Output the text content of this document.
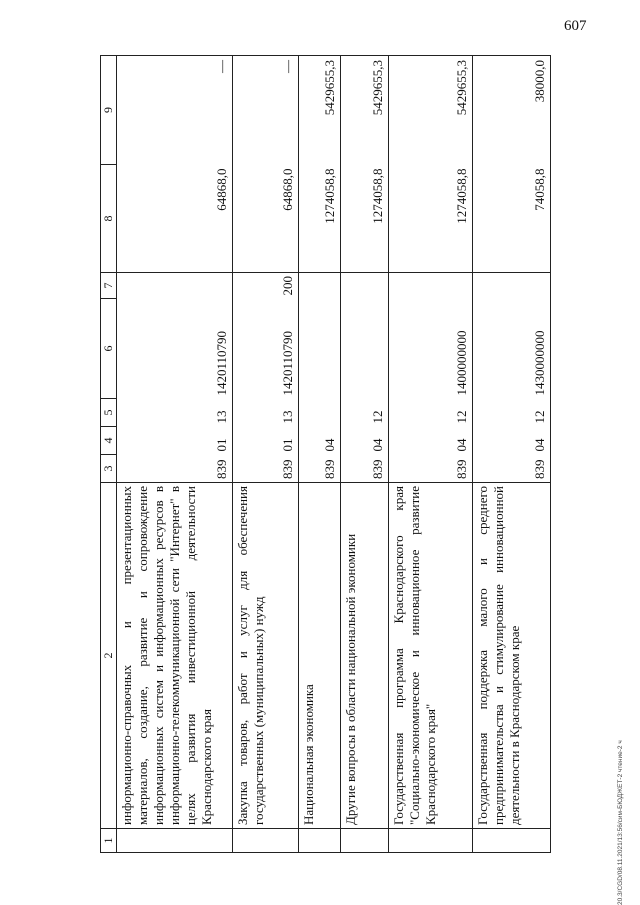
607
20.3/CGD/08.11.2021/13:56/сим-БЮДЖЕТ-2 чтение-2 ч
1	2	3	4	5	6	7	8	9
	информационно-справочных и презентационных материалов, создание, развитие и сопровождение информационных систем и информационных ресурсов в информационно-телекоммуникационной сети "Интернет" в целях развития инвестиционной деятельности Краснодарского края	839	01	13	1420110790		64868,0	—
	Закупка товаров, работ и услуг для обеспечения государственных (муниципальных) нужд	839	01	13	1420110790	200	64868,0	—
	Национальная экономика	839	04				1274058,8	5429655,3
	Другие вопросы в области национальной экономики	839	04	12			1274058,8	5429655,3
	Государственная программа Краснодарского края "Социально-экономическое и инновационное развитие Краснодарского края"	839	04	12	1400000000		1274058,8	5429655,3
	Государственная поддержка малого и среднего предпринимательства и стимулирование инновационной деятельности в Краснодарском крае	839	04	12	1430000000		74058,8	38000,0
